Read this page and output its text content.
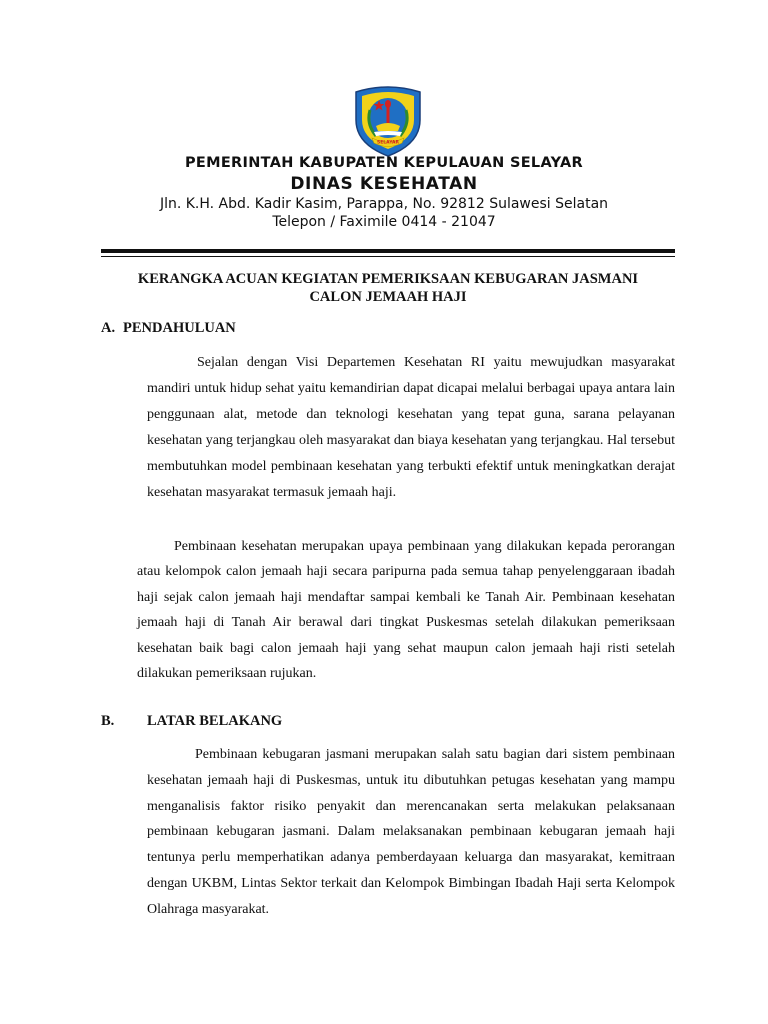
SELAYAR
PEMERINTAH KABUPATEN KEPULAUAN SELAYAR
DINAS KESEHATAN
Jln. K.H. Abd. Kadir Kasim, Parappa, No. 92812 Sulawesi Selatan
Telepon / Faximile 0414 - 21047
KERANGKA ACUAN KEGIATAN PEMERIKSAAN KEBUGARAN JASMANI
CALON JEMAAH HAJI
A. PENDAHULUAN

Sejalan dengan Visi Departemen Kesehatan RI yaitu mewujudkan masyarakat mandiri untuk hidup sehat yaitu kemandirian dapat dicapai melalui berbagai upaya antara lain penggunaan alat, metode dan teknologi kesehatan yang tepat guna, sarana pelayanan kesehatan yang terjangkau oleh masyarakat dan biaya kesehatan yang terjangkau. Hal tersebut membutuhkan model pembinaan kesehatan yang terbukti efektif untuk meningkatkan derajat kesehatan masyarakat termasuk jemaah haji.

Pembinaan kesehatan merupakan upaya pembinaan yang dilakukan kepada perorangan atau kelompok calon jemaah haji secara paripurna pada semua tahap penyelenggaraan ibadah haji sejak calon jemaah haji mendaftar sampai kembali ke Tanah Air. Pembinaan kesehatan jemaah haji di Tanah Air berawal dari tingkat Puskesmas setelah dilakukan pemeriksaan kesehatan baik bagi calon jemaah haji yang sehat maupun calon jemaah haji risti setelah dilakukan pemeriksaan rujukan.

B. LATAR BELAKANG

Pembinaan kebugaran jasmani merupakan salah satu bagian dari sistem pembinaan kesehatan jemaah haji di Puskesmas, untuk itu dibutuhkan petugas kesehatan yang mampu menganalisis faktor risiko penyakit dan merencanakan serta melakukan pelaksanaan pembinaan kebugaran jasmani. Dalam melaksanakan pembinaan kebugaran jemaah haji tentunya perlu memperhatikan adanya pemberdayaan keluarga dan masyarakat, kemitraan dengan UKBM, Lintas Sektor terkait dan Kelompok Bimbingan Ibadah Haji serta Kelompok Olahraga masyarakat.
